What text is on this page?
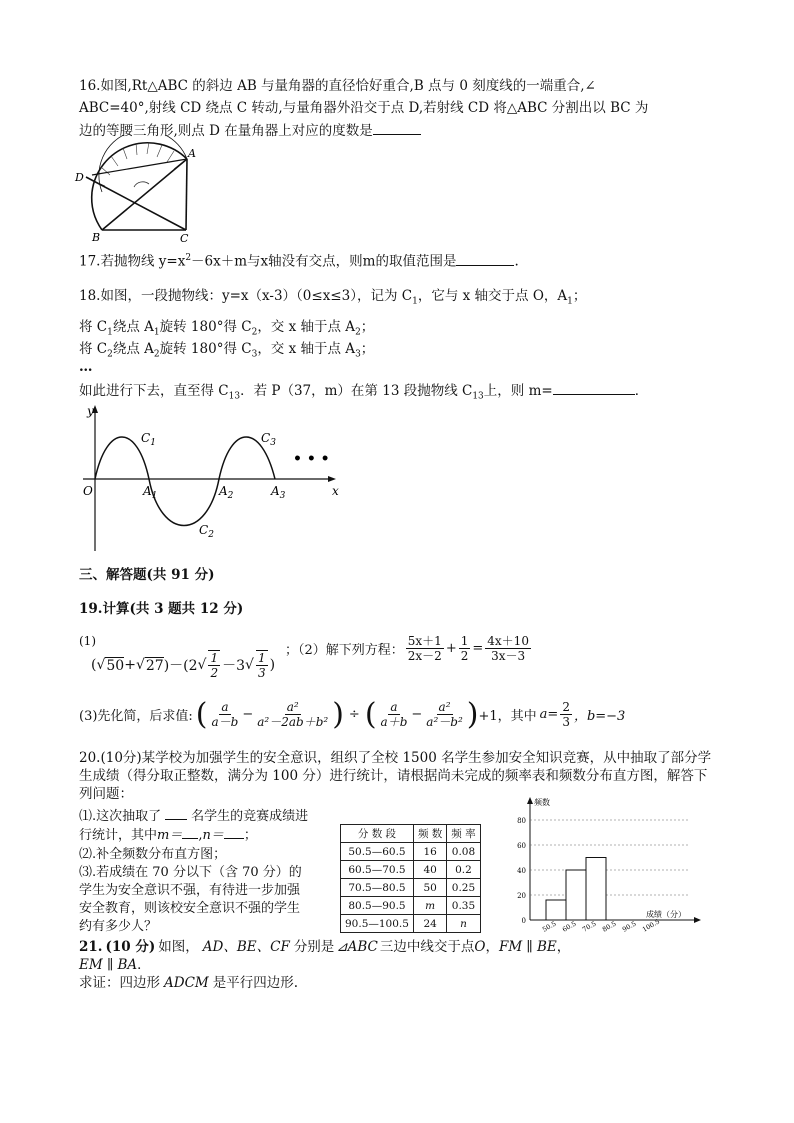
16.如图,Rt△ABC 的斜边 AB 与量角器的直径恰好重合,B 点与 0 刻度线的一端重合,∠
ABC=40°,射线 CD 绕点 C 转动,与量角器外沿交于点 D,若射线 CD 将△ABC 分割出以 BC 为
边的等腰三角形,则点 D 在量角器上对应的度数是
A
B	C
D
17.若抛物线 $y=x^2-6x+m$与x轴没有交点，则m的取值范围是	.
18.如图，一段抛物线：y=x（x-3）（0≤x≤3），记为 $C_1$，它与 x 轴交于点 O，$A_1$；
将 $C_1$绕点 $A_1$旋转 180°得 $C_2$，交 x 轴于点 $A_2$；
将 $C_2$绕点 $A_2$旋转 180°得 $C_3$，交 x 轴于点 $A_3$；
…
如此进行下去，直至得 $C_{13}$．若 P（37，m）在第 13 段抛物线 $C_{13}$上，则 m=	．
y
x
O
$C_1$
$C_2$
$C_3$
$A_1$	$A_2$	$A_3$
• • •
三、解答题(共 91 分)
19.计算(共 3 题共 12 分)
(1)
( √ 50 + √ 27 )－(2 √ $\frac{1}{2} -3$ √ $\frac{1}{3}$ )
；（2）解下列方程： $\frac{5x+1}{2x-2} + \frac{1}{2} = \frac{4x+10}{3x-3}$
(3)先化简，后求值: ( $\frac{a}{a-b} - \frac{\text{a²}}{\text{a²－2ab＋b²}}$ ) ÷ ( $\frac{a}{a+b} - \frac{\text{a²}}{\text{a²－b²}}$ ) +1，其中 $a= \frac{2}{3}$ ，b=−3
20.(10分)某学校为加强学生的安全意识，组织了全校 1500 名学生参加安全知识竞赛，从中抽取了部分学
生成绩（得分取正整数，满分为 100 分）进行统计，请根据尚未完成的频率表和频数分布直方图，解答下
列问题：
⑴.这次抽取了 名学生的竞赛成绩进
行统计，其中m＝ ,n＝ ；
⑵.补全频数分布直方图；
⑶.若成绩在 70 分以下（含 70 分）的
学生为安全意识不强，有待进一步加强
安全教育，则该校安全意识不强的学生
约有多少人？
分 数 段	频 数	频 率
50.5—60.5	16	0.08
60.5—70.5	40	0.2
70.5—80.5	50	0.25
80.5—90.5	m	0.35
90.5—100.5	24	n
频数
成绩（分）
0
20
40
60
80
50.5 60.5 70.5 80.5 90.5 100.5
21. (10 分) 如图， AD、BE、CF 分别是 ⊿ABC 三边中线交于点 O ， FM ∥ BE ，
EM ∥ BA．
求证：四边形 ADCM 是平行四边形.
